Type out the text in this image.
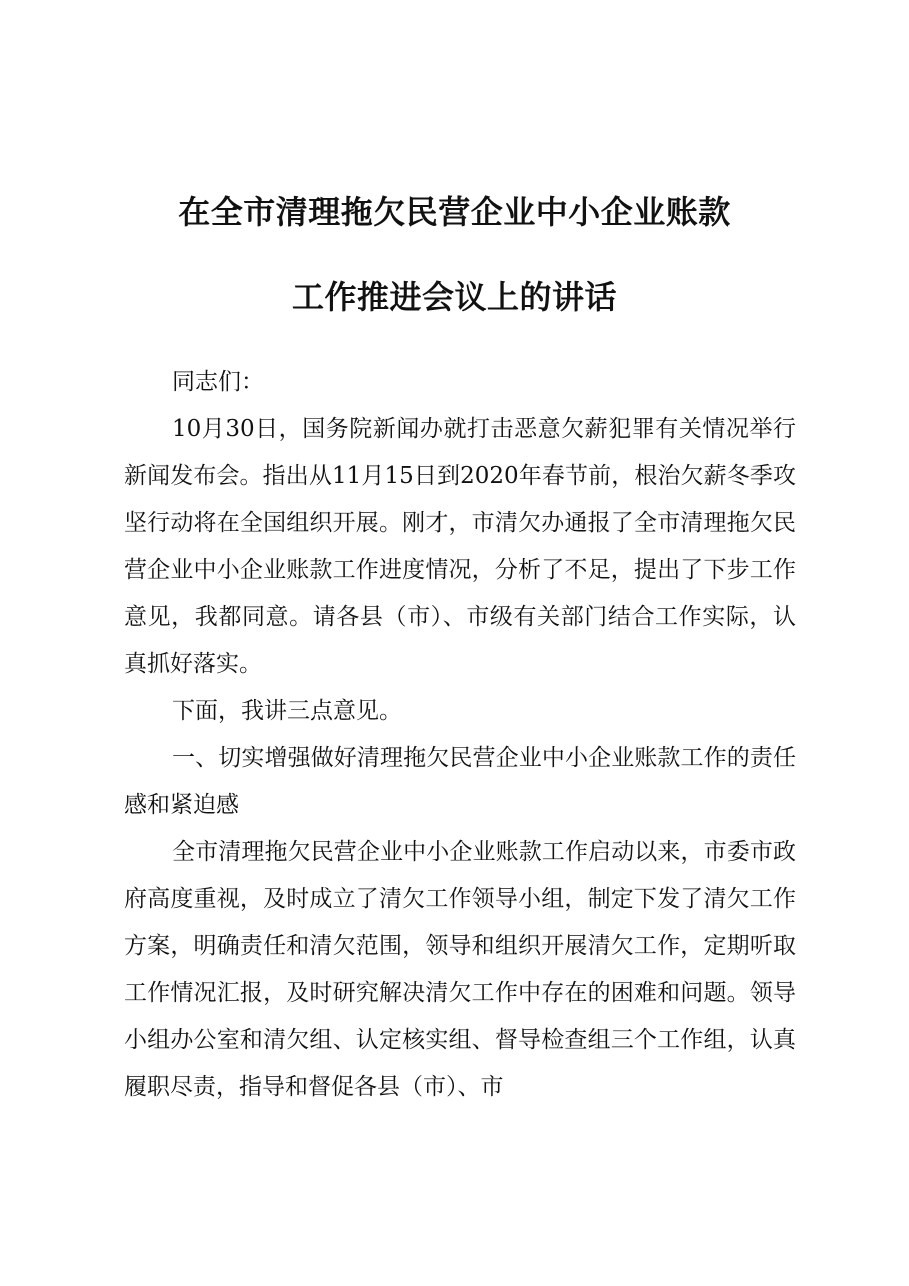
在全市清理拖欠民营企业中小企业账款
工作推进会议上的讲话

同志们：

10月30日，国务院新闻办就打击恶意欠薪犯罪有关情况举行新闻发布会。指出从11月15日到2020年春节前，根治欠薪冬季攻坚行动将在全国组织开展。刚才，市清欠办通报了全市清理拖欠民营企业中小企业账款工作进度情况，分析了不足，提出了下步工作意见，我都同意。请各县（市）、市级有关部门结合工作实际，认真抓好落实。

下面，我讲三点意见。

一、切实增强做好清理拖欠民营企业中小企业账款工作的责任感和紧迫感

全市清理拖欠民营企业中小企业账款工作启动以来，市委市政府高度重视，及时成立了清欠工作领导小组，制定下发了清欠工作方案，明确责任和清欠范围，领导和组织开展清欠工作，定期听取工作情况汇报，及时研究解决清欠工作中存在的困难和问题。领导小组办公室和清欠组、认定核实组、督导检查组三个工作组，认真履职尽责，指导和督促各县（市）、市
